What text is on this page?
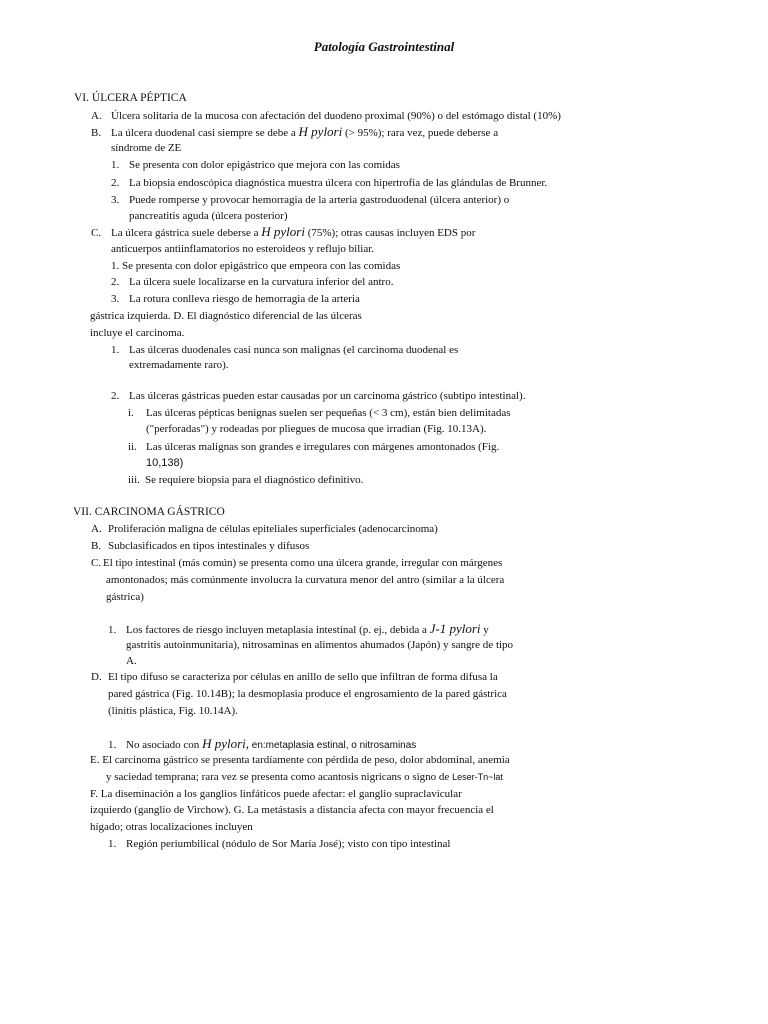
Patología Gastrointestinal
VI. ÚLCERA PÉPTICA
A. Úlcera solitaria de la mucosa con afectación del duodeno proximal (90%) o del estómago distal (10%)
B. La úlcera duodenal casi siempre se debe a H pylori (> 95%); rara vez, puede deberse a
síndrome de ZE
1. Se presenta con dolor epigástrico que mejora con las comidas
2. La biopsia endoscópica diagnóstica muestra úlcera con hipertrofia de las glándulas de Brunner.
3. Puede romperse y provocar hemorragia de la arteria gastroduodenal (úlcera anterior) o
pancreatitis aguda (úlcera posterior)
C. La úlcera gástrica suele deberse a H pylori (75%); otras causas incluyen EDS por
anticuerpos antiinflamatorios no esteroideos y reflujo biliar.
1. Se presenta con dolor epigástrico que empeora con las comidas
2. La úlcera suele localizarse en la curvatura inferior del antro.
3. La rotura conlleva riesgo de hemorragia de la arteria
gástrica izquierda. D. El diagnóstico diferencial de las úlceras
incluye el carcinoma.
1. Las úlceras duodenales casi nunca son malignas (el carcinoma duodenal es
extremadamente raro).
2. Las úlceras gástricas pueden estar causadas por un carcinoma gástrico (subtipo intestinal).
i. Las úlceras pépticas benignas suelen ser pequeñas (< 3 cm), están bien delimitadas
("perforadas") y rodeadas por pliegues de mucosa que irradian (Fig. 10.13A).
ii. Las úlceras malignas son grandes e irregulares con márgenes amontonados (Fig.
10,138)
iii. Se requiere biopsia para el diagnóstico definitivo.
VII. CARCINOMA GÁSTRICO
A. Proliferación maligna de células epiteliales superficiales (adenocarcinoma)
B. Subclasificados en tipos intestinales y difusos
C. El tipo intestinal (más común) se presenta como una úlcera grande, irregular con márgenes
amontonados; más comúnmente involucra la curvatura menor del antro (similar a la úlcera
gástrica)
1. Los factores de riesgo incluyen metaplasia intestinal (p. ej., debida a J-1 pylori y
gastritis autoinmunitaria), nitrosaminas en alimentos ahumados (Japón) y sangre de tipo
A.
D. El tipo difuso se caracteriza por células en anillo de sello que infiltran de forma difusa la
pared gástrica (Fig. 10.14B); la desmoplasia produce el engrosamiento de la pared gástrica
(linitis plástica, Fig. 10.14A).
1. No asociado con H pylori, en:metaplasia estinal, o nitrosaminas
E. El carcinoma gástrico se presenta tardíamente con pérdida de peso, dolor abdominal, anemia
y saciedad temprana; rara vez se presenta como acantosis nigricans o signo de Leser-Tn~lat
F. La diseminación a los ganglios linfáticos puede afectar: el ganglio supraclavicular
izquierdo (ganglio de Virchow). G. La metástasis a distancia afecta con mayor frecuencia el
hígado; otras localizaciones incluyen
1. Región periumbilical (nódulo de Sor María José); visto con tipo intestinal
